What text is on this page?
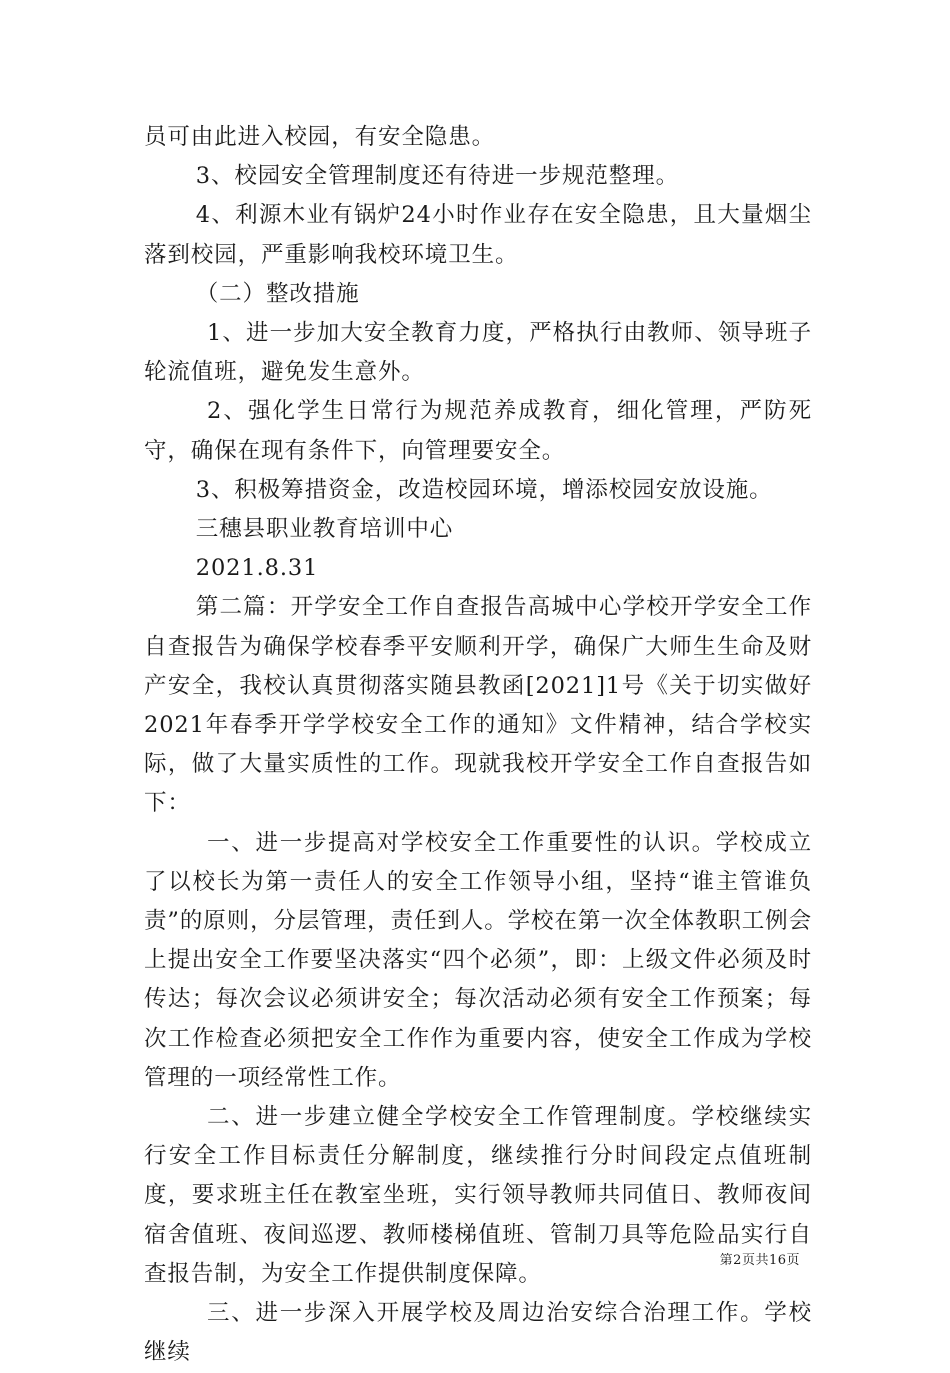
员可由此进入校园，有安全隐患。

3、校园安全管理制度还有待进一步规范整理。

4、利源木业有锅炉24小时作业存在安全隐患，且大量烟尘落到校园，严重影响我校环境卫生。

（二）整改措施

1、进一步加大安全教育力度，严格执行由教师、领导班子轮流值班，避免发生意外。

2、强化学生日常行为规范养成教育，细化管理，严防死守，确保在现有条件下，向管理要安全。

3、积极筹措资金，改造校园环境，增添校园安放设施。

三穗县职业教育培训中心

2021.8.31

第二篇：开学安全工作自查报告高城中心学校开学安全工作自查报告为确保学校春季平安顺利开学，确保广大师生生命及财产安全，我校认真贯彻落实随县教函[2021]1号《关于切实做好2021年春季开学学校安全工作的通知》文件精神，结合学校实际，做了大量实质性的工作。现就我校开学安全工作自查报告如下：

一、进一步提高对学校安全工作重要性的认识。学校成立了以校长为第一责任人的安全工作领导小组，坚持“谁主管谁负责”的原则，分层管理，责任到人。学校在第一次全体教职工例会上提出安全工作要坚决落实“四个必须”，即：上级文件必须及时传达；每次会议必须讲安全；每次活动必须有安全工作预案；每次工作检查必须把安全工作作为重要内容，使安全工作成为学校管理的一项经常性工作。

二、进一步建立健全学校安全工作管理制度。学校继续实行安全工作目标责任分解制度，继续推行分时间段定点值班制度，要求班主任在教室坐班，实行领导教师共同值日、教师夜间宿舍值班、夜间巡逻、教师楼梯值班、管制刀具等危险品实行自查报告制，为安全工作提供制度保障。

三、进一步深入开展学校及周边治安综合治理工作。学校继续

第2页共16页
